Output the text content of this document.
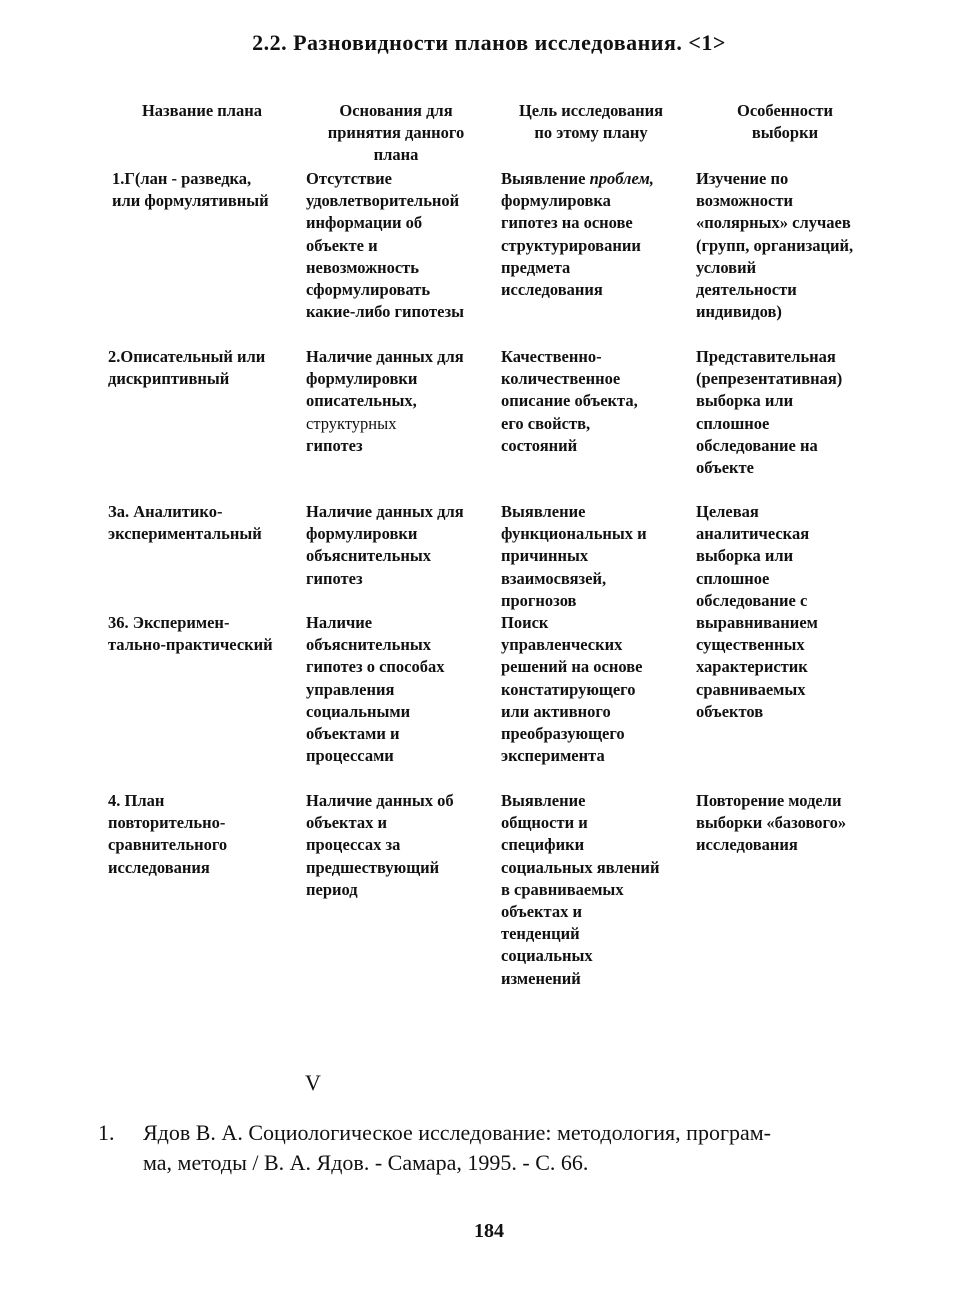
2.2. Разновидности планов исследования. <1>
Название плана	Основания для
принятия данного
плана
Цель исследования
по этому плану
Особенности
выборки
1.Г(лан - разведка,
или формулятивный
Отсутствие
удовлетворительной
информации об
объекте и
невозможность
сформулировать
какие-либо гипотезы
Выявление проблем,
формулировка
гипотез на основе
структурировании
предмета
исследования
Изучение по
возможности
«полярных» случаев
(групп, организаций,
условий
деятельности
индивидов)
2.Описательный или
дискриптивный
Наличие данных для
формулировки
описательных,
структурных
гипотез
Качественно-
количественное
описание объекта,
его свойств,
состояний
Представительная
(репрезентативная)
выборка или
сплошное
обследование на
объекте
За. Аналитико-
экспериментальный
Наличие данных для
формулировки
объяснительных
гипотез
Выявление
функциональных и
причинных
взаимосвязей,
прогнозов
Целевая
аналитическая
выборка или
сплошное
обследование с
выравниванием
существенных
характеристик
сравниваемых
объектов
36. Эксперимен-
тально-практический
Наличие
объяснительных
гипотез о способах
управления
социальными
объектами и
процессами
Поиск
управленческих
решений на основе
констатирующего
или активного
преобразующего
эксперимента
4. План
повторительно-
сравнительного
исследования
Наличие данных об
объектах и
процессах за
предшествующий
период
Выявление
общности и
специфики
социальных явлений
в сравниваемых
объектах и
тенденций
социальных
изменений
Повторение модели
выборки «базового»
исследования
V
1. Ядов В. А. Социологическое исследование: методология, програм-
ма, методы / В. А. Ядов. - Самара, 1995. - С. 66.
184
